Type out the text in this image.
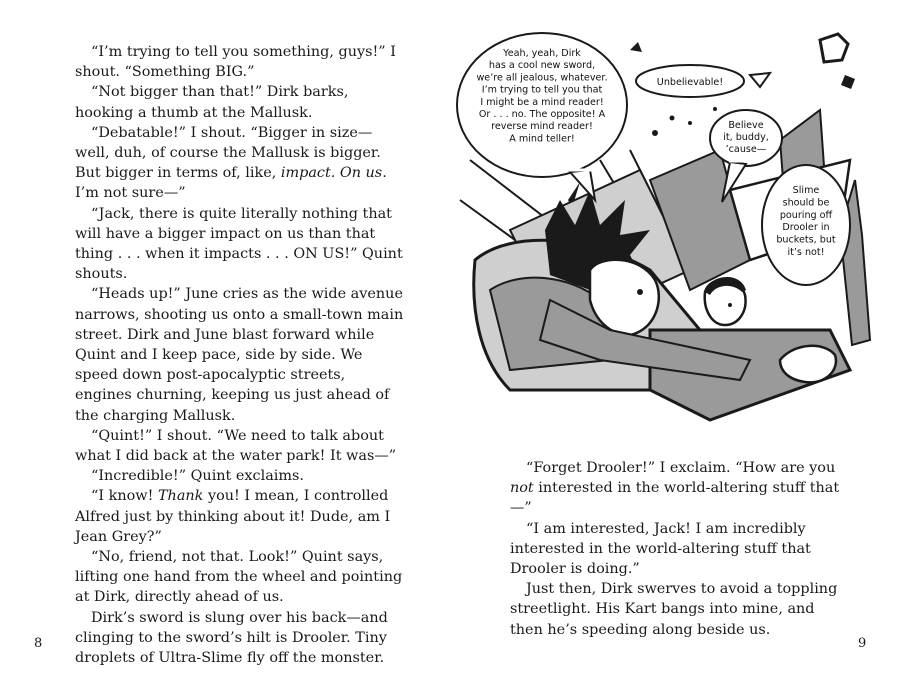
“I’m trying to tell you something, guys!” I shout. “Something BIG.”

“Not bigger than that!” Dirk barks, hooking a thumb at the Mallusk.

“Debatable!” I shout. “Bigger in size—well, duh, of course the Mallusk is bigger. But bigger in terms of, like, impact. On us. I’m not sure—”

“Jack, there is quite literally nothing that will have a bigger impact on us than that thing . . . when it impacts . . . ON US!” Quint shouts.

“Heads up!” June cries as the wide avenue narrows, shooting us onto a small-town main street. Dirk and June blast forward while Quint and I keep pace, side by side. We speed down post-apocalyptic streets, engines churning, keeping us just ahead of the charging Mallusk.

“Quint!” I shout. “We need to talk about what I did back at the water park! It was—”

“Incredible!” Quint exclaims.

“I know! Thank you! I mean, I controlled Alfred just by thinking about it! Dude, am I Jean Grey?”

“No, friend, not that. Look!” Quint says, lifting one hand from the wheel and pointing at Dirk, directly ahead of us.

Dirk’s sword is slung over his back—and clinging to the sword’s hilt is Drooler. Tiny droplets of Ultra-Slime fly off the monster.

8
Yeah, yeah, Dirk has a cool new sword, we’re all jealous, whatever. I’m trying to tell you that I might be a mind reader! Or . . . no. The opposite! A reverse mind reader! A mind teller!
Unbelievable!
Believe it, buddy, ’cause—
Slime should be pouring off Drooler in buckets, but it’s not!

“Forget Drooler!” I exclaim. “How are you not interested in the world-altering stuff that—”

“I am interested, Jack! I am incredibly interested in the world-altering stuff that Drooler is doing.”

Just then, Dirk swerves to avoid a toppling streetlight. His Kart bangs into mine, and then he’s speeding along beside us.

9
